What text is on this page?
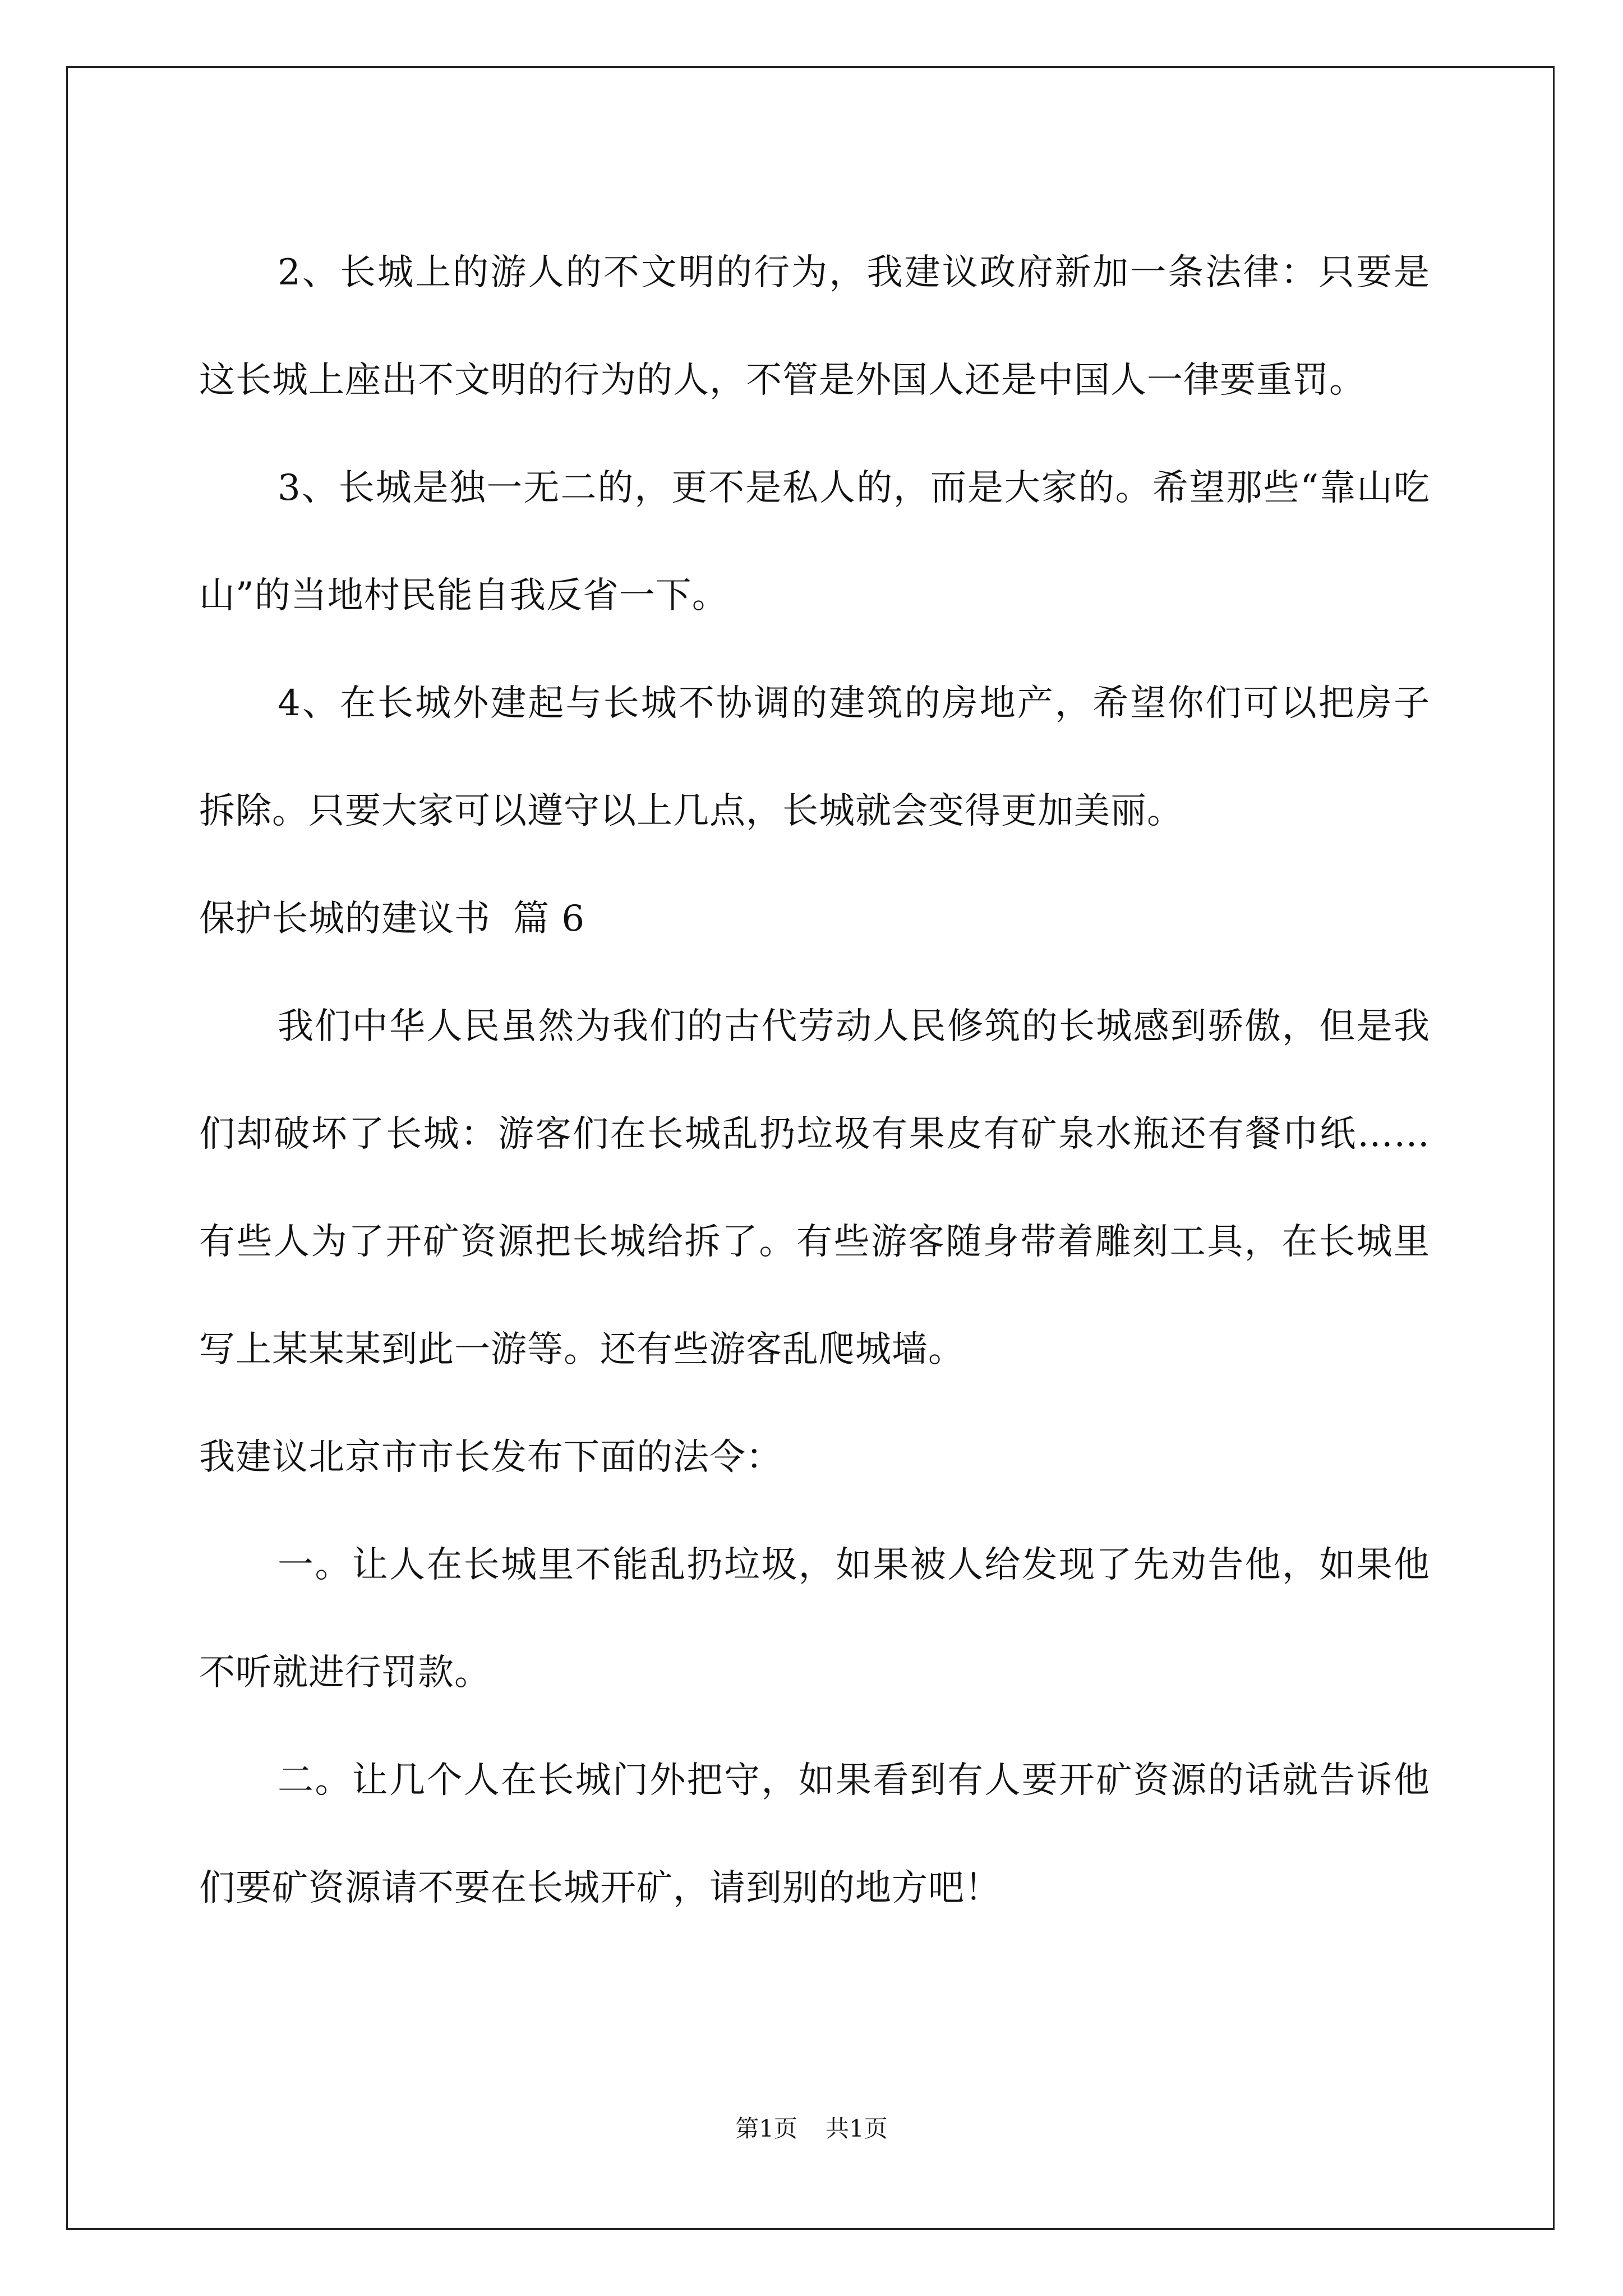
2、长城上的游人的不文明的行为，我建议政府新加一条法律：只要是这长城上座出不文明的行为的人，不管是外国人还是中国人一律要重罚。

3、长城是独一无二的，更不是私人的，而是大家的。希望那些“靠山吃山”的当地村民能自我反省一下。

4、在长城外建起与长城不协调的建筑的房地产，希望你们可以把房子拆除。只要大家可以遵守以上几点，长城就会变得更加美丽。

保护长城的建议书 篇 6

我们中华人民虽然为我们的古代劳动人民修筑的长城感到骄傲，但是我们却破坏了长城：游客们在长城乱扔垃圾有果皮有矿泉水瓶还有餐巾纸……有些人为了开矿资源把长城给拆了。有些游客随身带着雕刻工具，在长城里写上某某某到此一游等。还有些游客乱爬城墙。

我建议北京市市长发布下面的法令：

一。让人在长城里不能乱扔垃圾，如果被人给发现了先劝告他，如果他不听就进行罚款。

二。让几个人在长城门外把守，如果看到有人要开矿资源的话就告诉他们要矿资源请不要在长城开矿，请到别的地方吧！

第1页 共1页
